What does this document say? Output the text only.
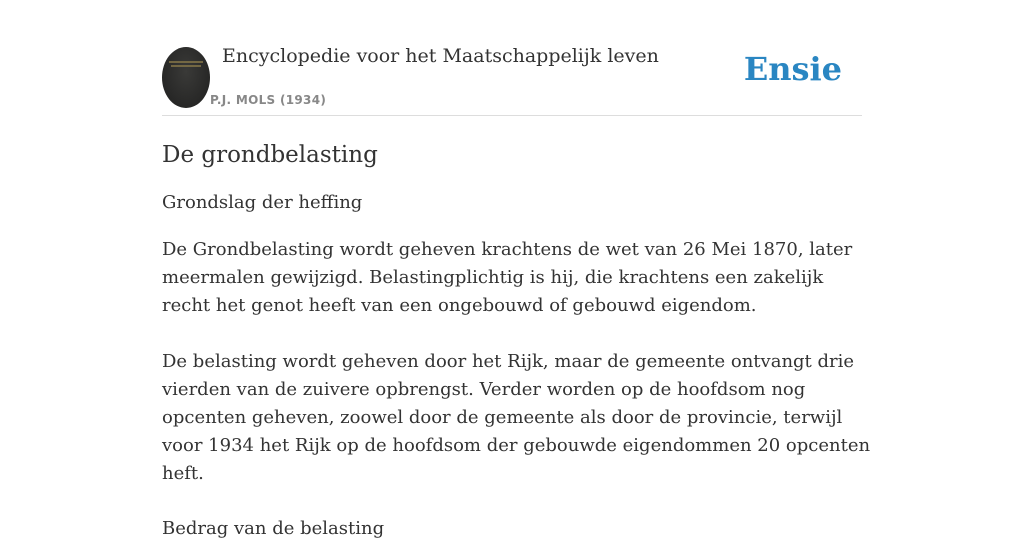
Encyclopedie voor het Maatschappelijk leven
P.J. MOLS (1934)
Ensie
De grondbelasting
Grondslag der heffing

De Grondbelasting wordt geheven krachtens de wet van 26 Mei 1870, later meermalen gewijzigd. Belastingplichtig is hij, die krachtens een zakelijk recht het genot heeft van een ongebouwd of gebouwd eigendom.

De belasting wordt geheven door het Rijk, maar de gemeente ontvangt drie vierden van de zuivere opbrengst. Verder worden op de hoofdsom nog opcenten geheven, zoowel door de gemeente als door de provincie, terwijl voor 1934 het Rijk op de hoofdsom der gebouwde eigendommen 20 opcenten heft.

Bedrag van de belasting
